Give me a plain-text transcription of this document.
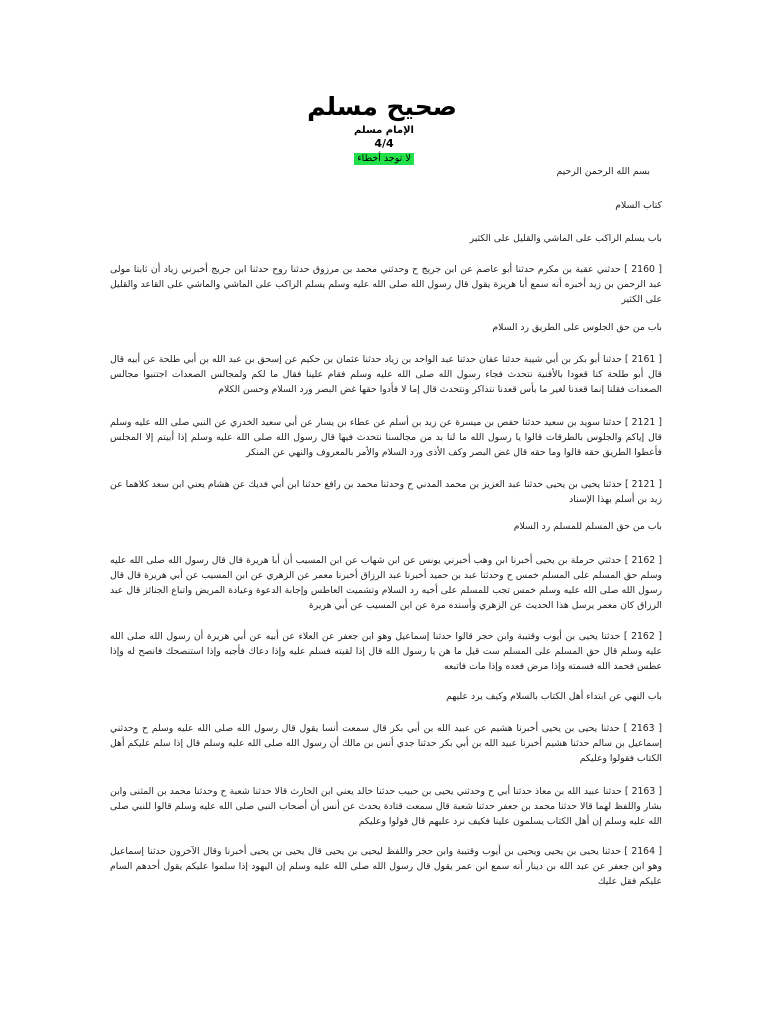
صحيح مسلم
الإمام مسلم
4/4
لا توجد أخطاء
بسم الله الرحمن الرحيم
كتاب السلام
باب يسلم الراكب على الماشي والقليل على الكثير
[ 2160 ] حدثني عقبة بن مكرم حدثنا أبو عاصم عن ابن جريج ح وحدثني محمد بن مرزوق حدثنا روح حدثنا ابن جريج أخبرني زياد أن ثابتا مولى عبد الرحمن بن زيد أخبره أنه سمع أبا هريرة يقول قال رسول الله صلى الله عليه وسلم يسلم الراكب على الماشي والماشي على القاعد والقليل على الكثير
باب من حق الجلوس على الطريق رد السلام
[ 2161 ] حدثنا أبو بكر بن أبي شيبة حدثنا عفان حدثنا عبد الواحد بن زياد حدثنا عثمان بن حكيم عن إسحق بن عبد الله بن أبي طلحة عن أبيه قال قال أبو طلحة كنا قعودا بالأفنية نتحدث فجاء رسول الله صلى الله عليه وسلم فقام علينا فقال ما لكم ولمجالس الصعدات اجتنبوا مجالس الصعدات فقلنا إنما قعدنا لغير ما بأس قعدنا نتذاكر ونتحدث قال إما لا فأدوا حقها غض البصر ورد السلام وحسن الكلام
[ 2121 ] حدثنا سويد بن سعيد حدثنا حفص بن ميسرة عن زيد بن أسلم عن عطاء بن يسار عن أبي سعيد الخدري عن النبي صلى الله عليه وسلم قال إياكم والجلوس بالطرقات قالوا يا رسول الله ما لنا بد من مجالسنا نتحدث فيها قال رسول الله صلى الله عليه وسلم إذا أبيتم إلا المجلس فأعطوا الطريق حقه قالوا وما حقه قال غض البصر وكف الأذى ورد السلام والأمر بالمعروف والنهي عن المنكر
[ 2121 ] حدثنا يحيى بن يحيى حدثنا عبد العزيز بن محمد المدني ح وحدثنا محمد بن رافع حدثنا ابن أبي فديك عن هشام يعني ابن سعد كلاهما عن زيد بن أسلم بهذا الإسناد
باب من حق المسلم للمسلم رد السلام
[ 2162 ] حدثني حرملة بن يحيى أخبرنا ابن وهب أخبرني يونس عن ابن شهاب عن ابن المسيب أن أبا هريرة قال قال رسول الله صلى الله عليه وسلم حق المسلم على المسلم خمس ح وحدثنا عبد بن حميد أخبرنا عبد الرزاق أخبرنا معمر عن الزهري عن ابن المسيب عن أبي هريرة قال قال رسول الله صلى الله عليه وسلم خمس تجب للمسلم على أخيه رد السلام وتشميت العاطس وإجابة الدعوة وعيادة المريض واتباع الجنائز قال عبد الرزاق كان معمر يرسل هذا الحديث عن الزهري وأسنده مرة عن ابن المسيب عن أبي هريرة
[ 2162 ] حدثنا يحيى بن أيوب وقتيبة وابن حجر قالوا حدثنا إسماعيل وهو ابن جعفر عن العلاء عن أبيه عن أبي هريرة أن رسول الله صلى الله عليه وسلم قال حق المسلم على المسلم ست قيل ما هن يا رسول الله قال إذا لقيته فسلم عليه وإذا دعاك فأجبه وإذا استنصحك فانصح له وإذا عطس فحمد الله فسمته وإذا مرض فعده وإذا مات فاتبعه
باب النهي عن ابتداء أهل الكتاب بالسلام وكيف يرد عليهم
[ 2163 ] حدثنا يحيى بن يحيى أخبرنا هشيم عن عبيد الله بن أبي بكر قال سمعت أنسا يقول قال رسول الله صلى الله عليه وسلم ح وحدثني إسماعيل بن سالم حدثنا هشيم أخبرنا عبيد الله بن أبي بكر حدثنا جدي أنس بن مالك أن رسول الله صلى الله عليه وسلم قال إذا سلم عليكم أهل الكتاب فقولوا وعليكم
[ 2163 ] حدثنا عبيد الله بن معاذ حدثنا أبي ح وحدثني يحيى بن حبيب حدثنا خالد يعني ابن الحارث قالا حدثنا شعبة ح وحدثنا محمد بن المثنى وابن بشار واللفظ لهما قالا حدثنا محمد بن جعفر حدثنا شعبة قال سمعت قتادة يحدث عن أنس أن أصحاب النبي صلى الله عليه وسلم قالوا للنبي صلى الله عليه وسلم إن أهل الكتاب يسلمون علينا فكيف نرد عليهم قال قولوا وعليكم
[ 2164 ] حدثنا يحيى بن يحيى ويحيى بن أيوب وقتيبة وابن حجر واللفظ ليحيى بن يحيى قال يحيى بن يحيى أخبرنا وقال الآخرون حدثنا إسماعيل وهو ابن جعفر عن عبد الله بن دينار أنه سمع ابن عمر يقول قال رسول الله صلى الله عليه وسلم إن اليهود إذا سلموا عليكم يقول أحدهم السام عليكم فقل عليك
